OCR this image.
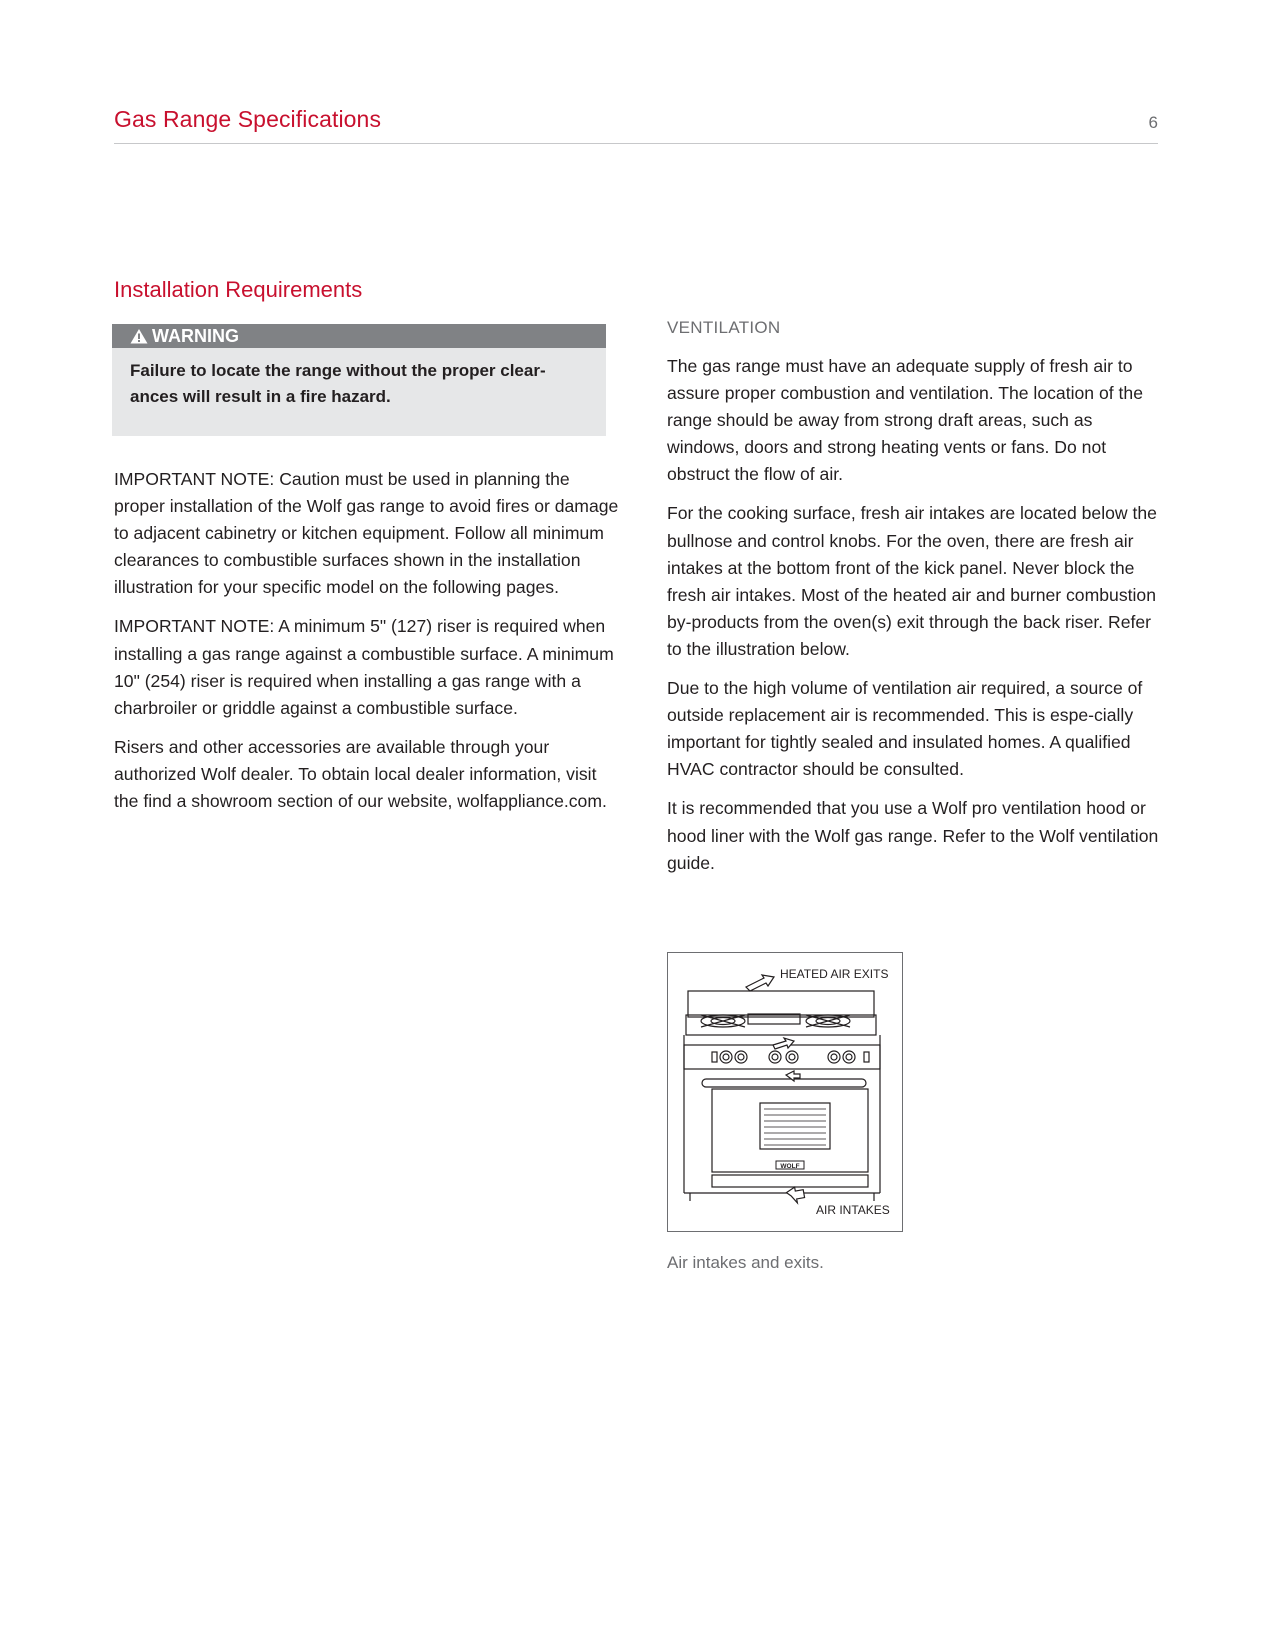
Gas Range Specifications	6
Installation Requirements
WARNING
Failure to locate the range without the proper clear-ances will result in a fire hazard.

IMPORTANT NOTE: Caution must be used in planning the proper installation of the Wolf gas range to avoid fires or damage to adjacent cabinetry or kitchen equipment. Follow all minimum clearances to combustible surfaces shown in the installation illustration for your specific model on the following pages.

IMPORTANT NOTE: A minimum 5" (127) riser is required when installing a gas range against a combustible surface. A minimum 10" (254) riser is required when installing a gas range with a charbroiler or griddle against a combustible surface.

Risers and other accessories are available through your authorized Wolf dealer. To obtain local dealer information, visit the find a showroom section of our website, wolfappliance.com.

VENTILATION

The gas range must have an adequate supply of fresh air to assure proper combustion and ventilation. The location of the range should be away from strong draft areas, such as windows, doors and strong heating vents or fans. Do not obstruct the flow of air.

For the cooking surface, fresh air intakes are located below the bullnose and control knobs. For the oven, there are fresh air intakes at the bottom front of the kick panel. Never block the fresh air intakes. Most of the heated air and burner combustion by-products from the oven(s) exit through the back riser. Refer to the illustration below.

Due to the high volume of ventilation air required, a source of outside replacement air is recommended. This is espe-cially important for tightly sealed and insulated homes. A qualified HVAC contractor should be consulted.

It is recommended that you use a Wolf pro ventilation hood or hood liner with the Wolf gas range. Refer to the Wolf ventilation guide.

WOLF
HEATED AIR EXITS
AIR INTAKES
Air intakes and exits.
